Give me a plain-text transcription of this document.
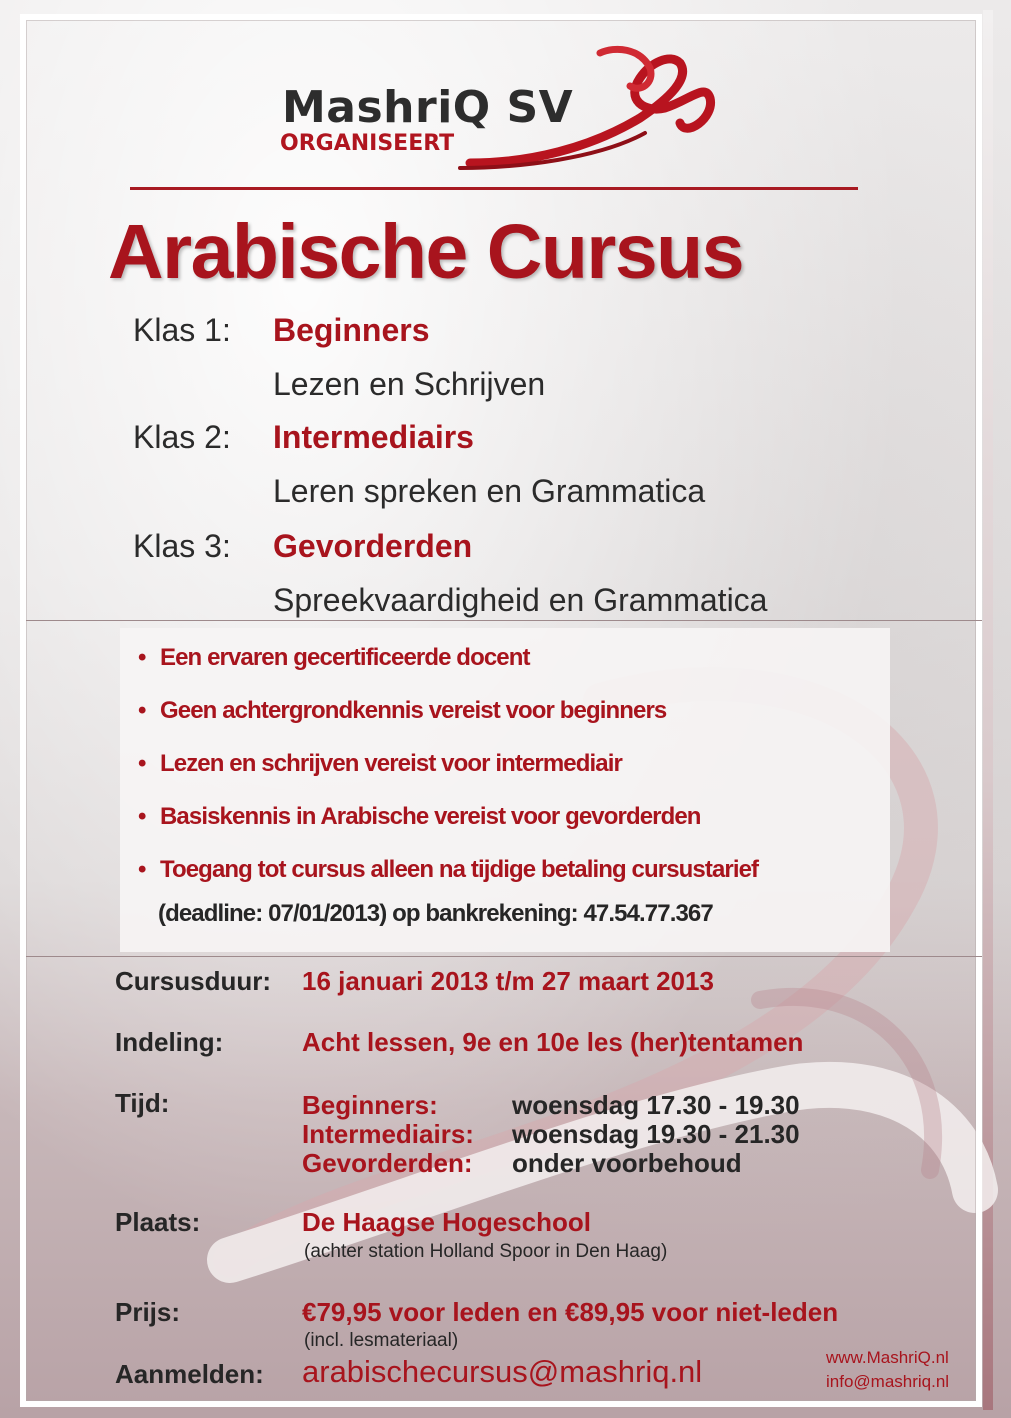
MashriQ SV

ORGANISEERT

Arabische Cursus
Klas 1: Beginners
Lezen en Schrijven
Klas 2: Intermediairs
Leren spreken en Grammatica
Klas 3: Gevorderden
Spreekvaardigheid en Grammatica

• Een ervaren gecertificeerde docent

• Geen achtergrondkennis vereist voor beginners

• Lezen en schrijven vereist voor intermediair

• Basiskennis in Arabische vereist voor gevorderden

• Toegang tot cursus alleen na tijdige betaling cursustarief

(deadline: 07/01/2013) op bankrekening: 47.54.77.367

Cursusduur: 16 januari 2013 t/m 27 maart 2013
Indeling:	Acht lessen, 9e en 10e les (her)tentamen
Tijd:	Beginners:	woensdag 17.30 - 19.30
Intermediairs: woensdag 19.30 - 21.30
Gevorderden: onder voorbehoud
Plaats:	De Haagse Hogeschool
(achter station Holland Spoor in Den Haag)
Prijs:	€79,95 voor leden en €89,95 voor niet-leden
(incl. lesmateriaal)
Aanmelden: arabischecursus@mashriq.nl	www.MashriQ.nl
info@mashriq.nl
